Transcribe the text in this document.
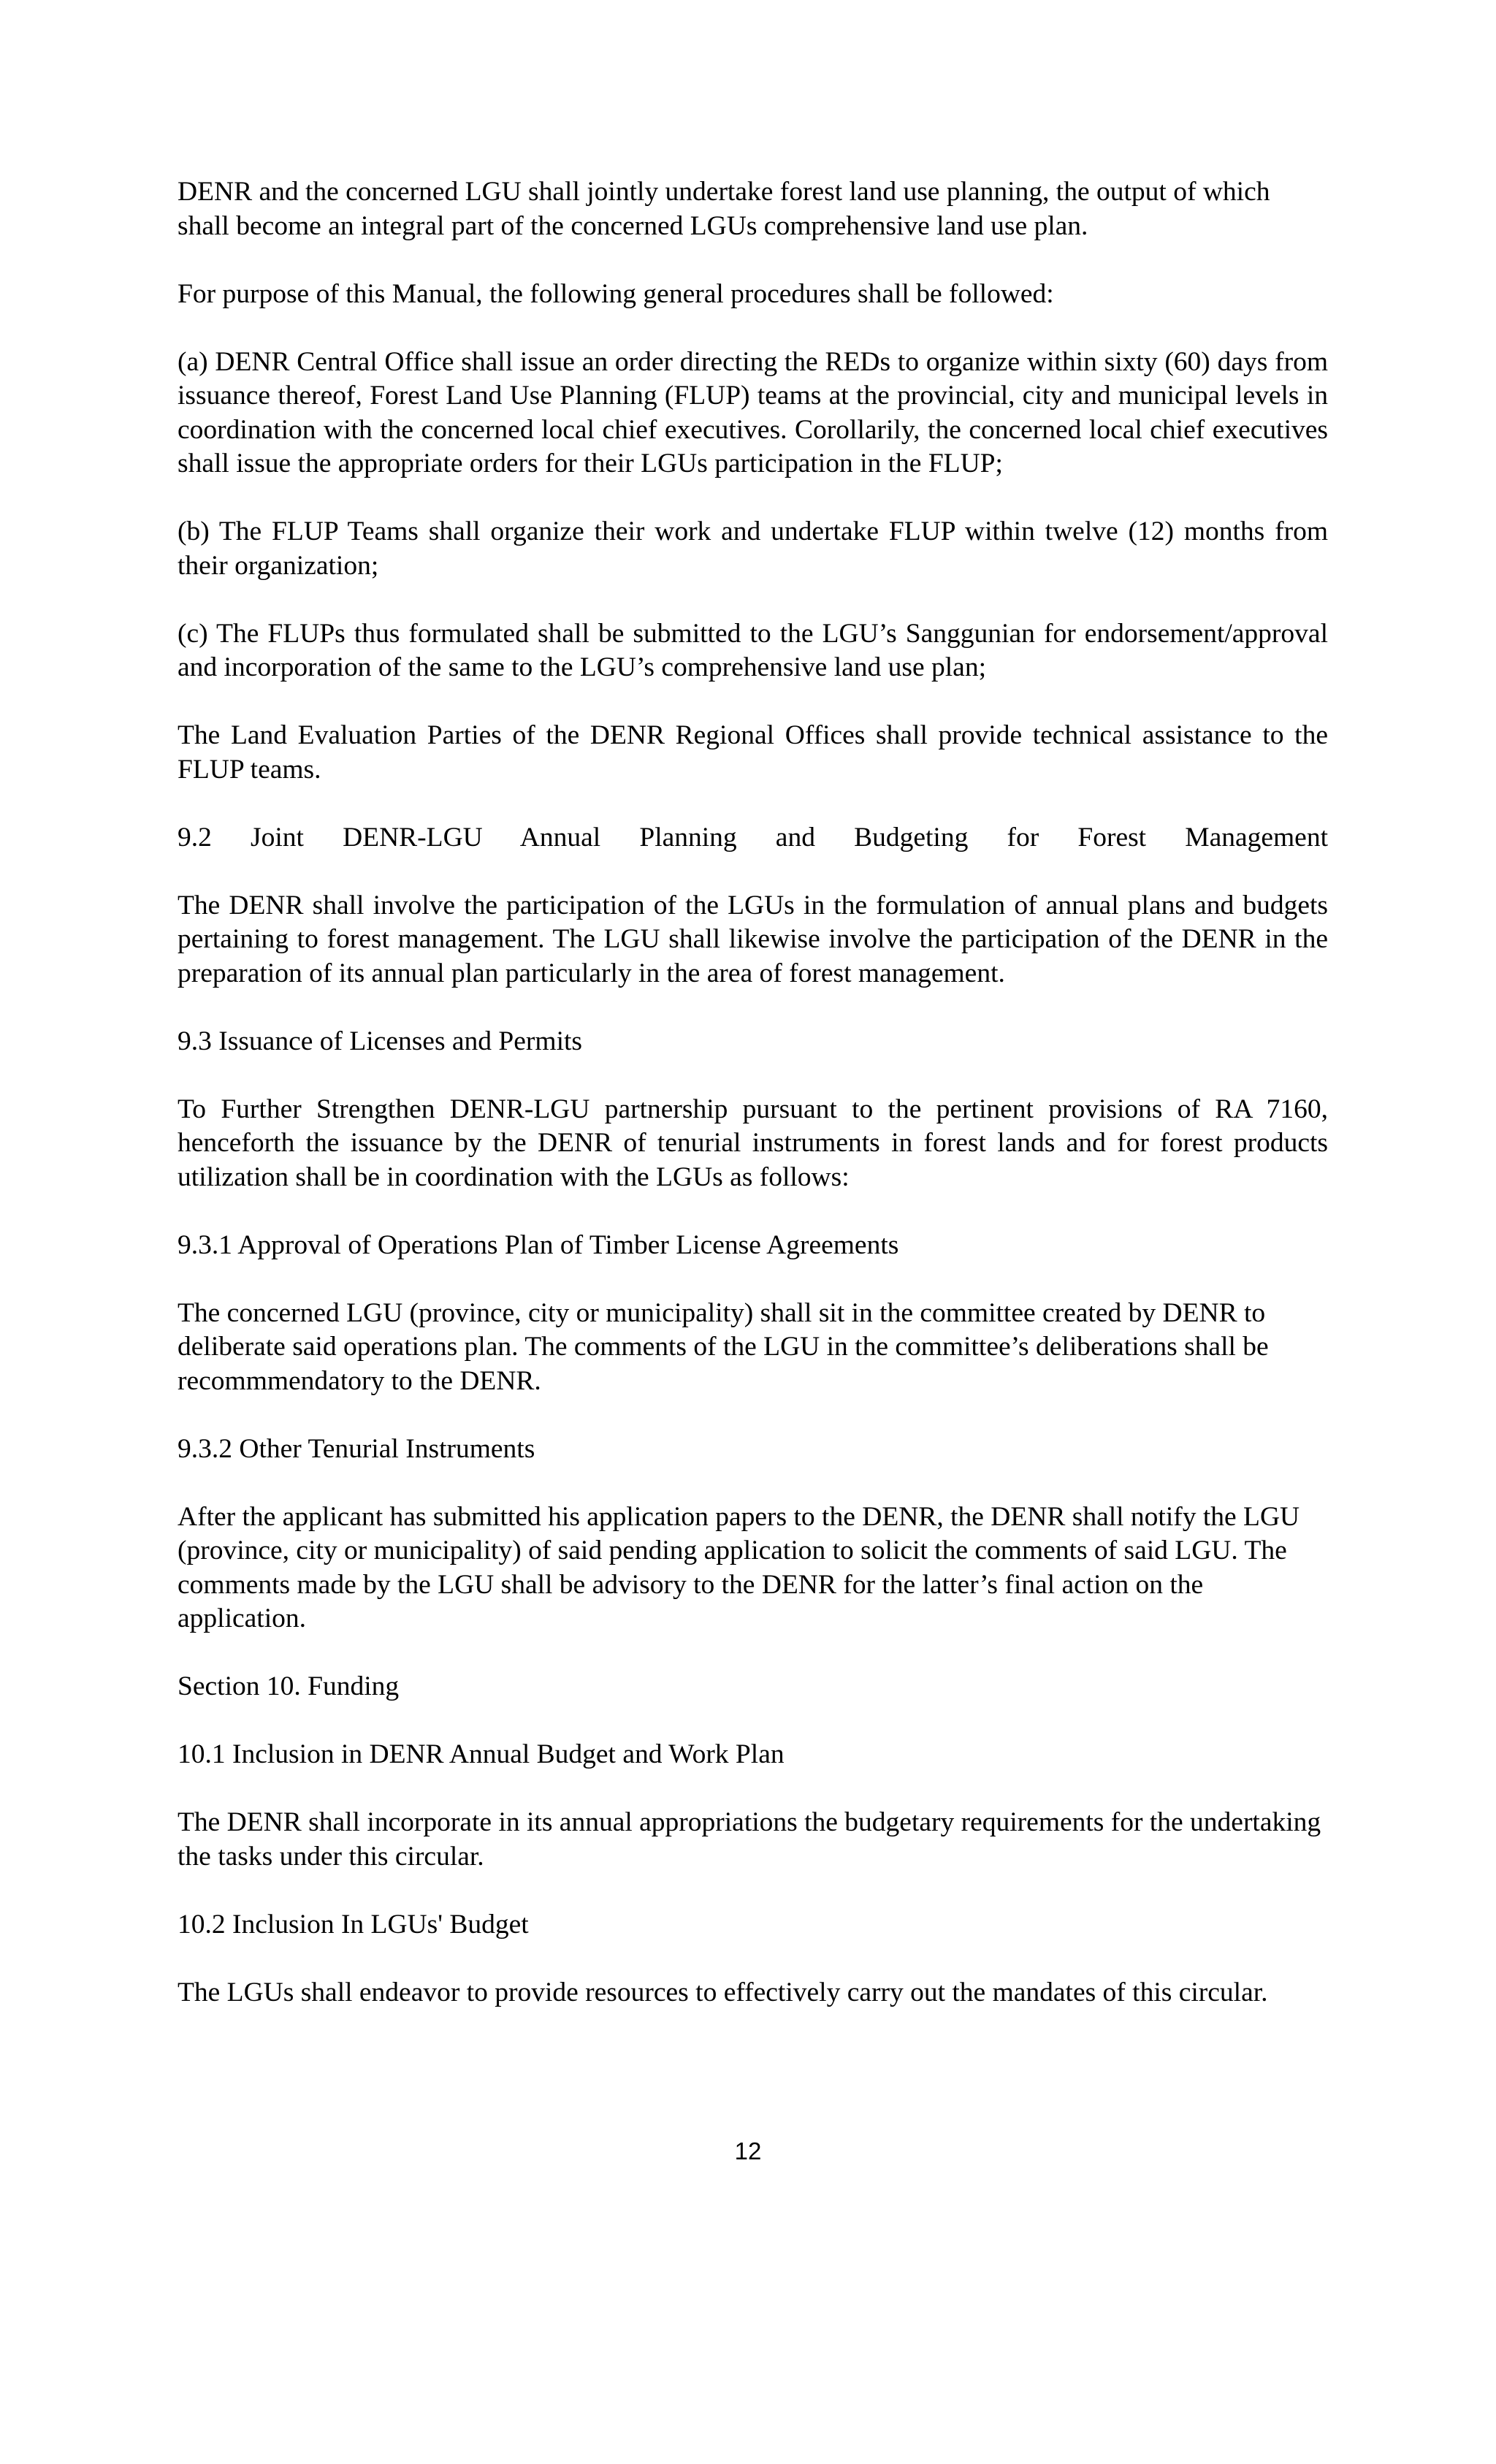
DENR and the concerned LGU shall jointly undertake forest land use planning, the output of which shall become an integral part of the concerned LGUs comprehensive land use plan.

For purpose of this Manual, the following general procedures shall be followed:

(a) DENR Central Office shall issue an order directing the REDs to organize within sixty (60) days from issuance thereof, Forest Land Use Planning (FLUP) teams at the provincial, city and municipal levels in coordination with the concerned local chief executives. Corollarily, the concerned local chief executives shall issue the appropriate orders for their LGUs participation in the FLUP;

(b) The FLUP Teams shall organize their work and undertake FLUP within twelve (12) months from their organization;

(c) The FLUPs thus formulated shall be submitted to the LGU’s Sanggunian for endorsement/approval and incorporation of the same to the LGU’s comprehensive land use plan;

The Land Evaluation Parties of the DENR Regional Offices shall provide technical assistance to the FLUP teams.

9.2 Joint DENR-LGU Annual Planning and Budgeting for Forest Management

The DENR shall involve the participation of the LGUs in the formulation of annual plans and budgets pertaining to forest management. The LGU shall likewise involve the participation of the DENR in the preparation of its annual plan particularly in the area of forest management.

9.3 Issuance of Licenses and Permits

To Further Strengthen DENR-LGU partnership pursuant to the pertinent provisions of RA 7160, henceforth the issuance by the DENR of tenurial instruments in forest lands and for forest products utilization shall be in coordination with the LGUs as follows:

9.3.1 Approval of Operations Plan of Timber License Agreements

The concerned LGU (province, city or municipality) shall sit in the committee created by DENR to deliberate said operations plan. The comments of the LGU in the committee’s deliberations shall be recommmendatory to the DENR.

9.3.2 Other Tenurial Instruments

After the applicant has submitted his application papers to the DENR, the DENR shall notify the LGU (province, city or municipality) of said pending application to solicit the comments of said LGU. The comments made by the LGU shall be advisory to the DENR for the latter’s final action on the application.

Section 10. Funding

10.1 Inclusion in DENR Annual Budget and Work Plan

The DENR shall incorporate in its annual appropriations the budgetary requirements for the undertaking the tasks under this circular.

10.2 Inclusion In LGUs' Budget

The LGUs shall endeavor to provide resources to effectively carry out the mandates of this circular.

12
